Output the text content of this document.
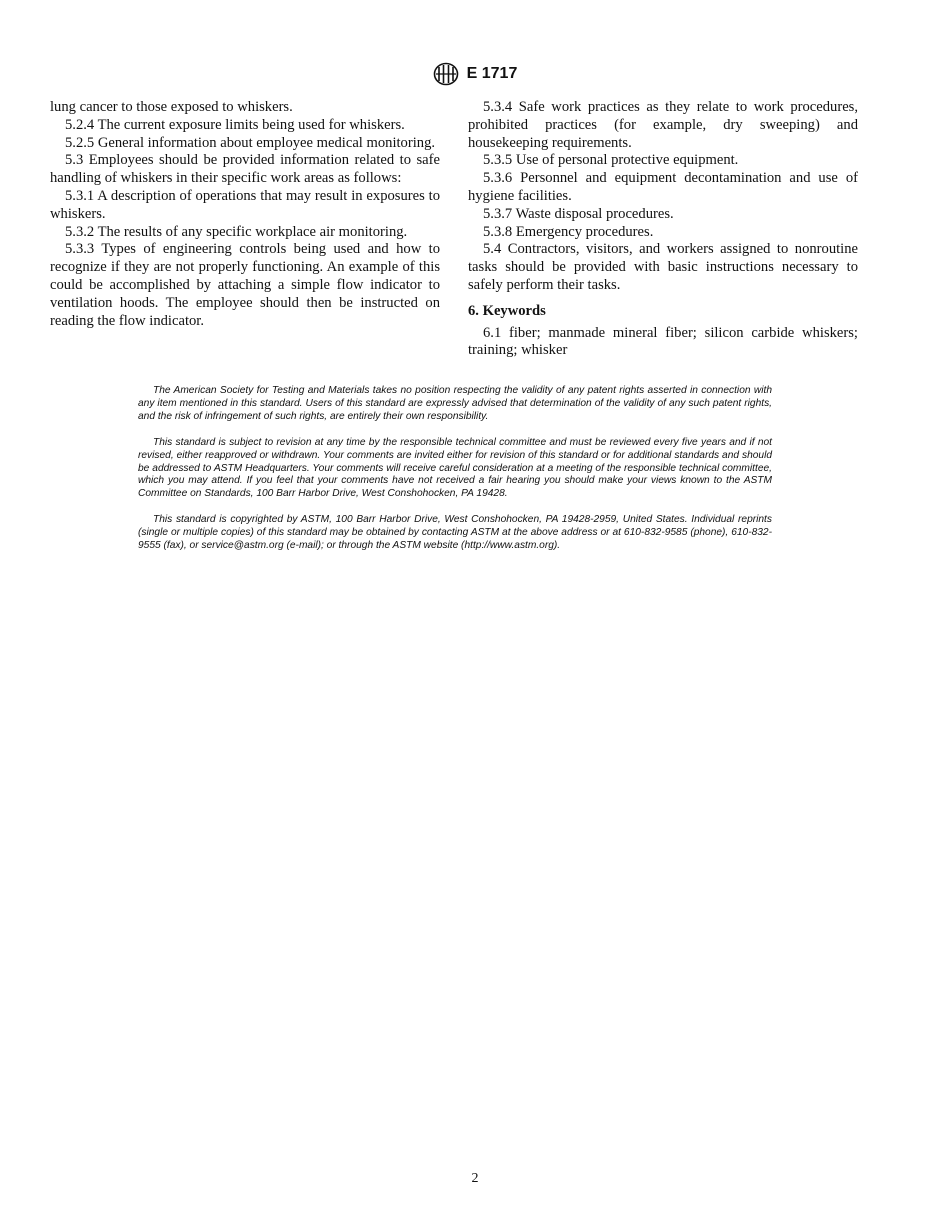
E 1717

lung cancer to those exposed to whiskers.

5.2.4 The current exposure limits being used for whiskers.

5.2.5 General information about employee medical monitoring.

5.3 Employees should be provided information related to safe handling of whiskers in their specific work areas as follows:

5.3.1 A description of operations that may result in exposures to whiskers.

5.3.2 The results of any specific workplace air monitoring.

5.3.3 Types of engineering controls being used and how to recognize if they are not properly functioning. An example of this could be accomplished by attaching a simple flow indicator to ventilation hoods. The employee should then be instructed on reading the flow indicator.

5.3.4 Safe work practices as they relate to work procedures, prohibited practices (for example, dry sweeping) and housekeeping requirements.

5.3.5 Use of personal protective equipment.

5.3.6 Personnel and equipment decontamination and use of hygiene facilities.

5.3.7 Waste disposal procedures.

5.3.8 Emergency procedures.

5.4 Contractors, visitors, and workers assigned to nonroutine tasks should be provided with basic instructions necessary to safely perform their tasks.

6. Keywords

6.1 fiber; manmade mineral fiber; silicon carbide whiskers; training; whisker

The American Society for Testing and Materials takes no position respecting the validity of any patent rights asserted in connection with any item mentioned in this standard. Users of this standard are expressly advised that determination of the validity of any such patent rights, and the risk of infringement of such rights, are entirely their own responsibility.

This standard is subject to revision at any time by the responsible technical committee and must be reviewed every five years and if not revised, either reapproved or withdrawn. Your comments are invited either for revision of this standard or for additional standards and should be addressed to ASTM Headquarters. Your comments will receive careful consideration at a meeting of the responsible technical committee, which you may attend. If you feel that your comments have not received a fair hearing you should make your views known to the ASTM Committee on Standards, 100 Barr Harbor Drive, West Conshohocken, PA 19428.

This standard is copyrighted by ASTM, 100 Barr Harbor Drive, West Conshohocken, PA 19428-2959, United States. Individual reprints (single or multiple copies) of this standard may be obtained by contacting ASTM at the above address or at 610-832-9585 (phone), 610-832-9555 (fax), or service@astm.org (e-mail); or through the ASTM website (http://www.astm.org).

2
